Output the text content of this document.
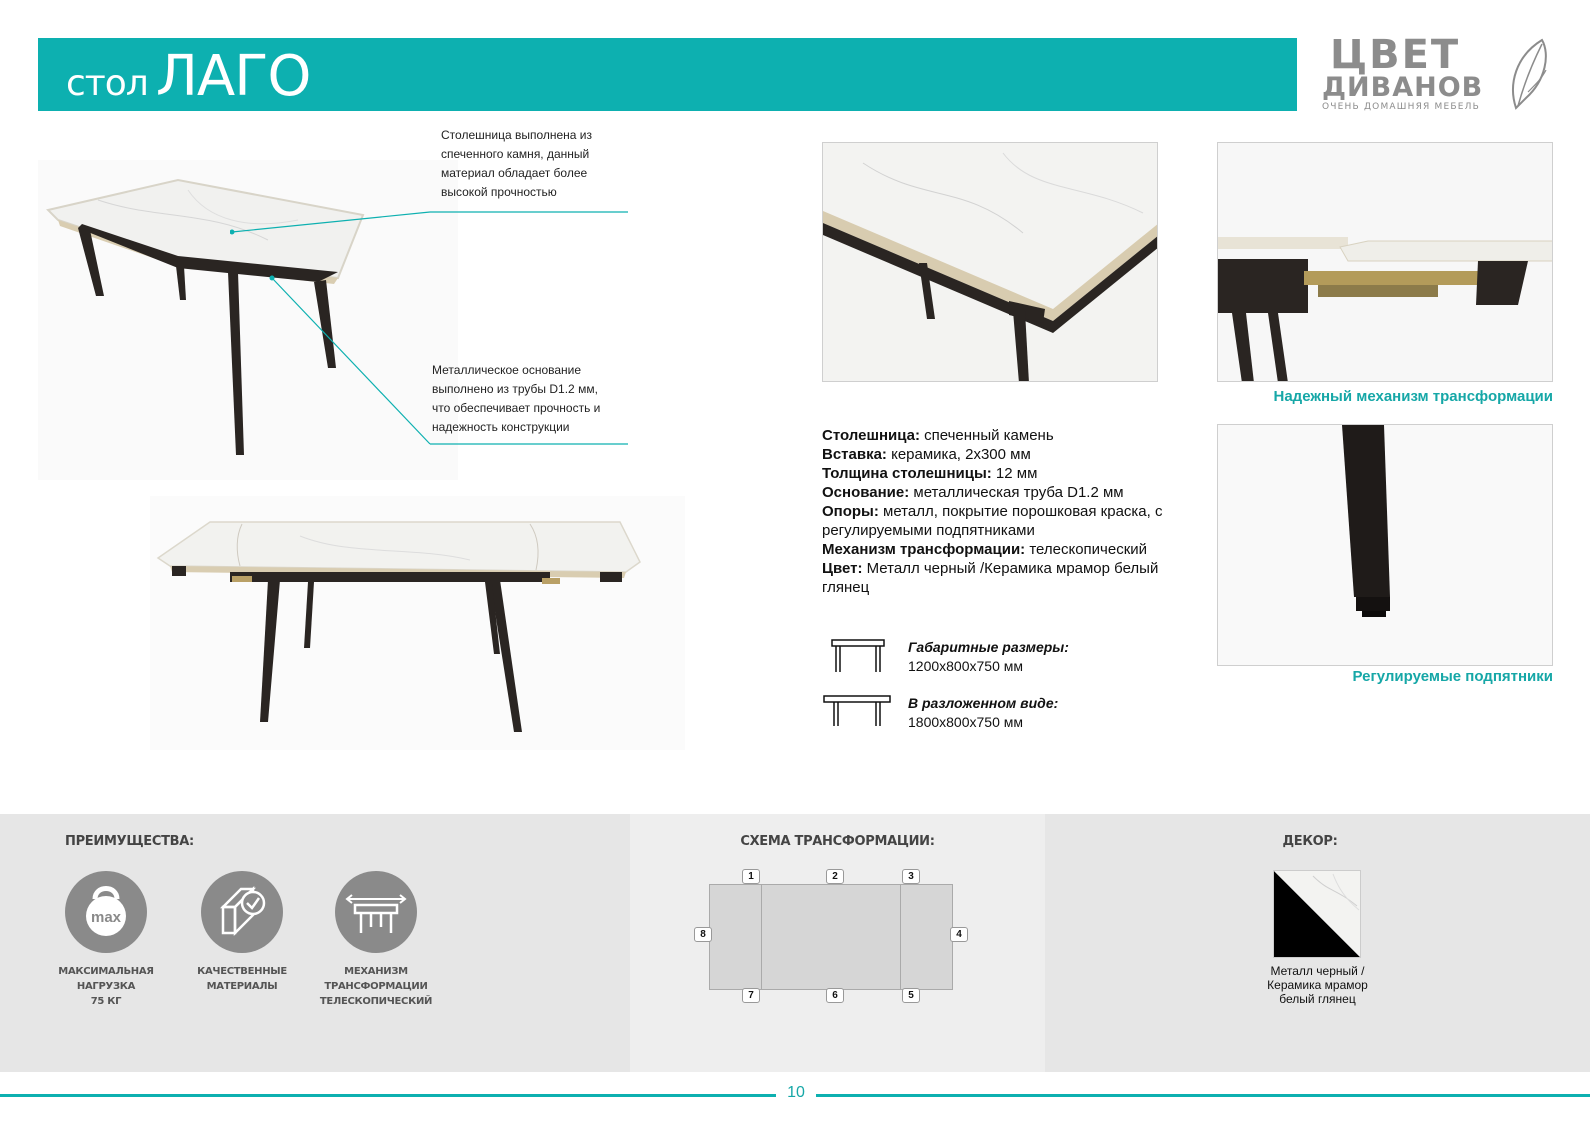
стол ЛАГО	ЦВЕТ
ДИВАНОВ
ОЧЕНЬ ДОМАШНЯЯ МЕБЕЛЬ
Столешница выполнена из
спеченного камня, данный
материал обладает более
высокой прочностью
Металлическое основание
выполнено из трубы D1.2 мм,
что обеспечивает прочность и
надежность конструкции
Надежный механизм трансформации
Регулируемые подпятники
Столешница: спеченный камень
Вставка: керамика, 2х300 мм
Толщина столешницы: 12 мм
Основание: металлическая труба D1.2 мм
Опоры: металл, покрытие порошковая краска, с регулируемыми подпятниками
Механизм трансформации: телескопический
Цвет: Металл черный /Керамика мрамор белый глянец
Габаритные размеры:
1200х800х750 мм
В разложенном виде:
1800х800х750 мм
ПРЕИМУЩЕСТВА:
max
МАКСИМАЛЬНАЯ
НАГРУЗКА
75 КГ
КАЧЕСТВЕННЫЕ
МАТЕРИАЛЫ
МЕХАНИЗМ
ТРАНСФОРМАЦИИ
ТЕЛЕСКОПИЧЕСКИЙ
СХЕМА ТРАНСФОРМАЦИИ:
1	2	3
4
5
6
7
8
ДЕКОР:
Металл черный /
Керамика мрамор
белый глянец
10
